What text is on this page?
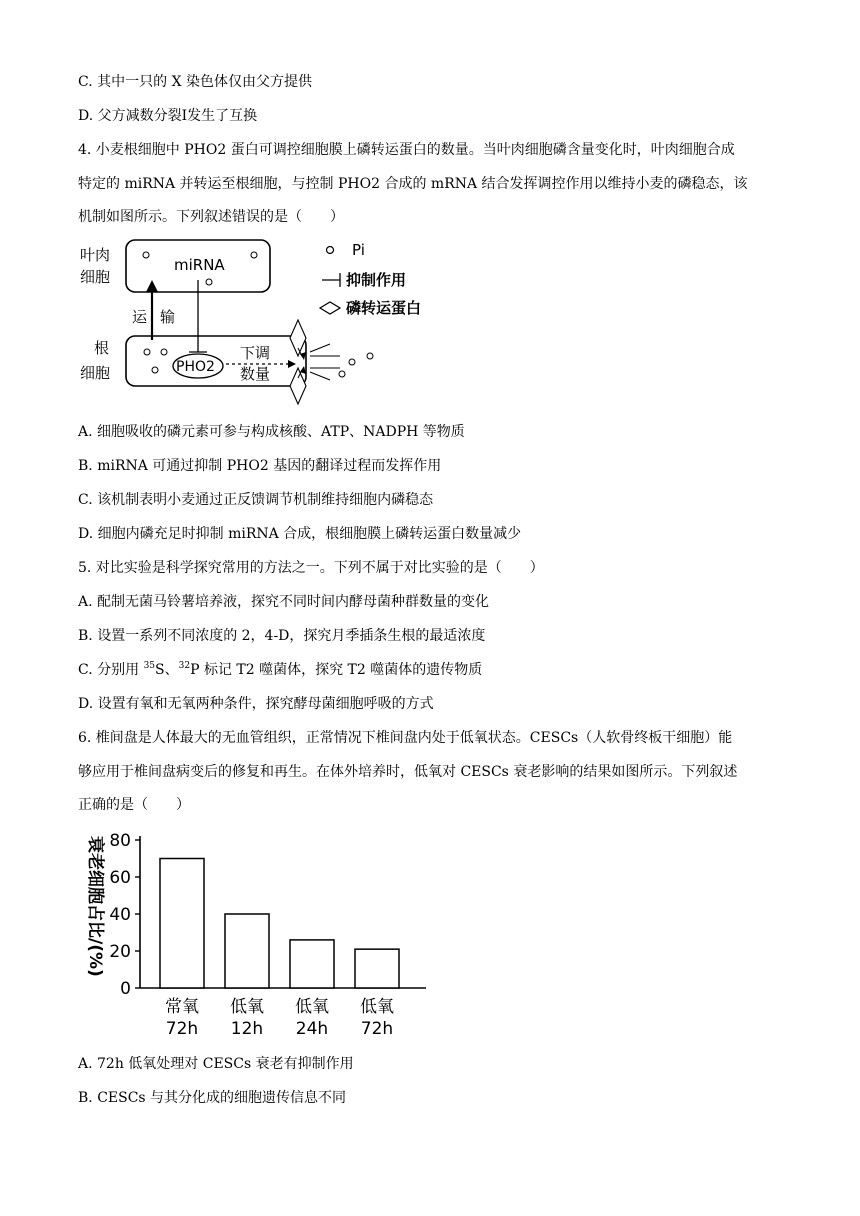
C. 其中一只的 X 染色体仅由父方提供
D. 父方减数分裂Ⅰ发生了互换
4. 小麦根细胞中 PHO2 蛋白可调控细胞膜上磷转运蛋白的数量。当叶肉细胞磷含量变化时，叶肉细胞合成
特定的 miRNA 并转运至根细胞，与控制 PHO2 合成的 mRNA 结合发挥调控作用以维持小麦的磷稳态，该
机制如图所示。下列叙述错误的是（　　）
叶肉
细胞
miRNA
根
细胞
运 输
PHO2
下调
数量
Pi
抑制作用
磷转运蛋白
A. 细胞吸收的磷元素可参与构成核酸、ATP、NADPH 等物质
B. miRNA 可通过抑制 PHO2 基因的翻译过程而发挥作用
C. 该机制表明小麦通过正反馈调节机制维持细胞内磷稳态
D. 细胞内磷充足时抑制 miRNA 合成，根细胞膜上磷转运蛋白数量减少
5. 对比实验是科学探究常用的方法之一。下列不属于对比实验的是（　　）
A. 配制无菌马铃薯培养液，探究不同时间内酵母菌种群数量的变化
B. 设置一系列不同浓度的 2，4-D，探究月季插条生根的最适浓度
C. 分别用 $^{35}$S、$^{32}$P 标记 T2 噬菌体，探究 T2 噬菌体的遗传物质
D. 设置有氧和无氧两种条件，探究酵母菌细胞呼吸的方式
6. 椎间盘是人体最大的无血管组织，正常情况下椎间盘内处于低氧状态。CESCs（人软骨终板干细胞）能
够应用于椎间盘病变后的修复和再生。在体外培养时，低氧对 CESCs 衰老影响的结果如图所示。下列叙述
正确的是（　　）
衰老细胞占比/(%)
0
20
40
60
80
常氧
72h
低氧
12h
低氧
24h
低氧
72h
A. 72h 低氧处理对 CESCs 衰老有抑制作用
B. CESCs 与其分化成的细胞遗传信息不同
